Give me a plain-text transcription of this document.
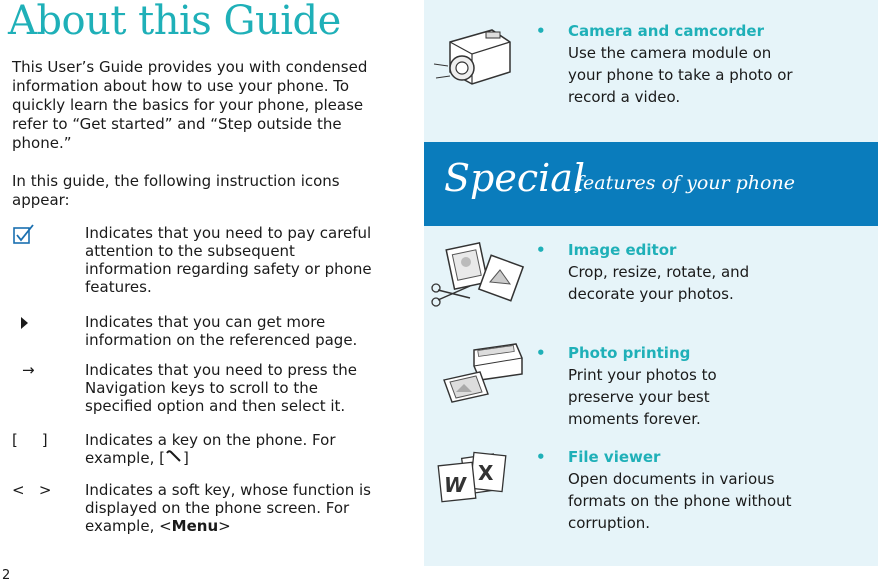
About this Guide

This User’s Guide provides you with condensed information about how to use your phone. To quickly learn the basics for your phone, please refer to “Get started” and “Step outside the phone.”

In this guide, the following instruction icons appear:

Indicates that you need to pay careful attention to the subsequent information regarding safety or phone features.
Indicates that you can get more information on the referenced page.
→	Indicates that you need to press the Navigation keys to scroll to the specified option and then select it.
[     ]	Indicates a key on the phone. For example, [ ]
<   >	Indicates a soft key, whose function is displayed on the phone screen. For example, <Menu>
2
Special
features of your phone
X
W
• Camera and camcorder
Use the camera module on your phone to take a photo or record a video.
• Image editor
Crop, resize, rotate, and decorate your photos.
• Photo printing
Print your photos to preserve your best moments forever.
• File viewer
Open documents in various formats on the phone without corruption.
